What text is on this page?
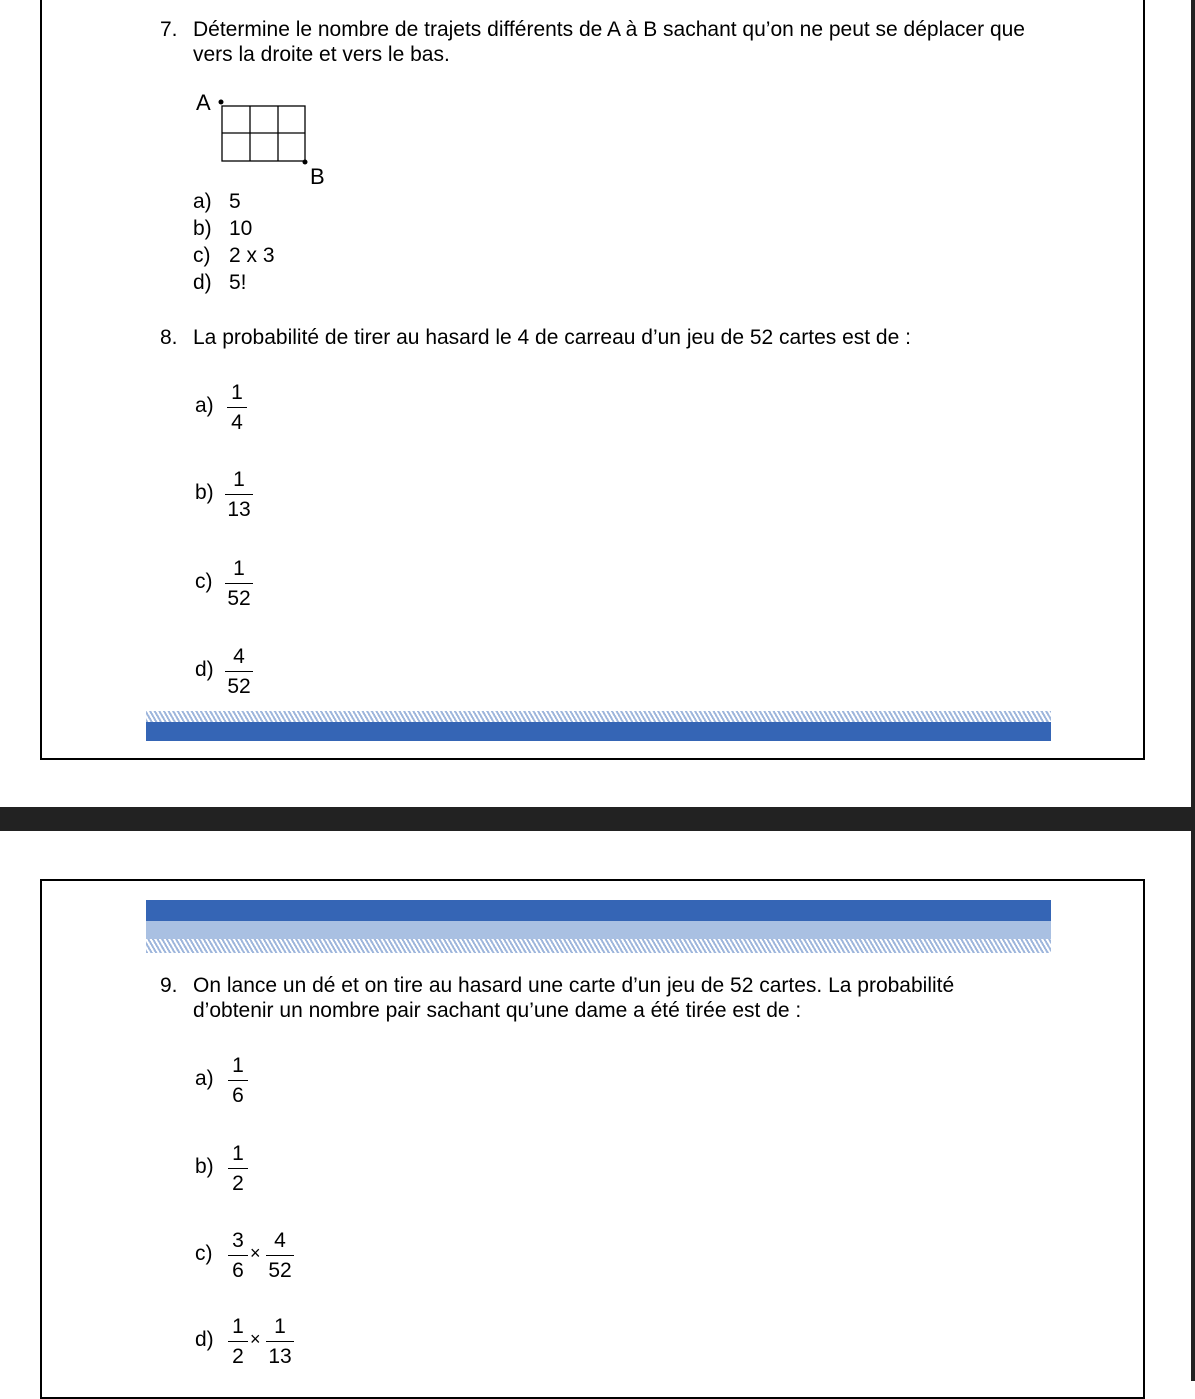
7. Détermine le nombre de trajets différents de A à B sachant qu’on ne peut se déplacer que vers la droite et vers le bas.
A
B
a) 5
b) 10
c) 2 x 3
d) 5!
8. La probabilité de tirer au hasard le 4 de carreau d’un jeu de 52 cartes est de :
a)
1
4
b)
1
13
c)
1
52
d)
4
52
9. On lance un dé et on tire au hasard une carte d’un jeu de 52 cartes. La probabilité d’obtenir un nombre pair sachant qu’une dame a été tirée est de :
a)
1
6
b)
1
2
c)
3
6
×
4
52
d)
1
2
×
1
13
